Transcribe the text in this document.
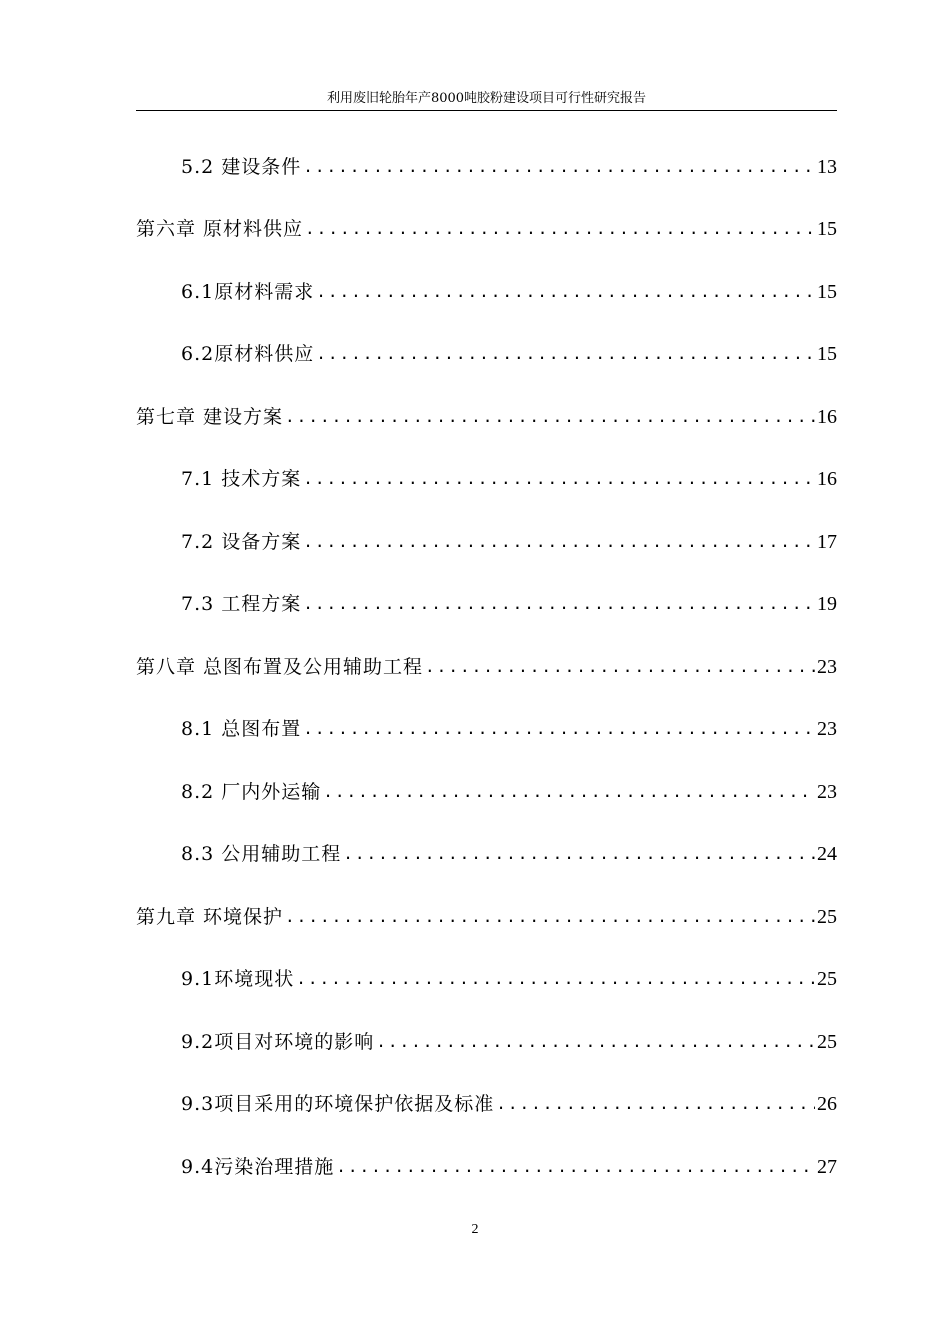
利用废旧轮胎年产8000吨胶粉建设项目可行性研究报告
5.2 建设条件 .....	13
第六章 原材料供应 .....	15
6.1原材料需求 .....	15
6.2原材料供应 .....	15
第七章 建设方案 .....	16
7.1 技术方案 .....	16
7.2 设备方案 .....	17
7.3 工程方案 .....	19
第八章 总图布置及公用辅助工程 .....	23
8.1 总图布置 .....	23
8.2 厂内外运输 .....	23
8.3 公用辅助工程 .....	24
第九章 环境保护 .....	25
9.1环境现状 .....	25
9.2项目对环境的影响 .....	25
9.3项目采用的环境保护依据及标准 .....	26
9.4污染治理措施 .....	27
2
